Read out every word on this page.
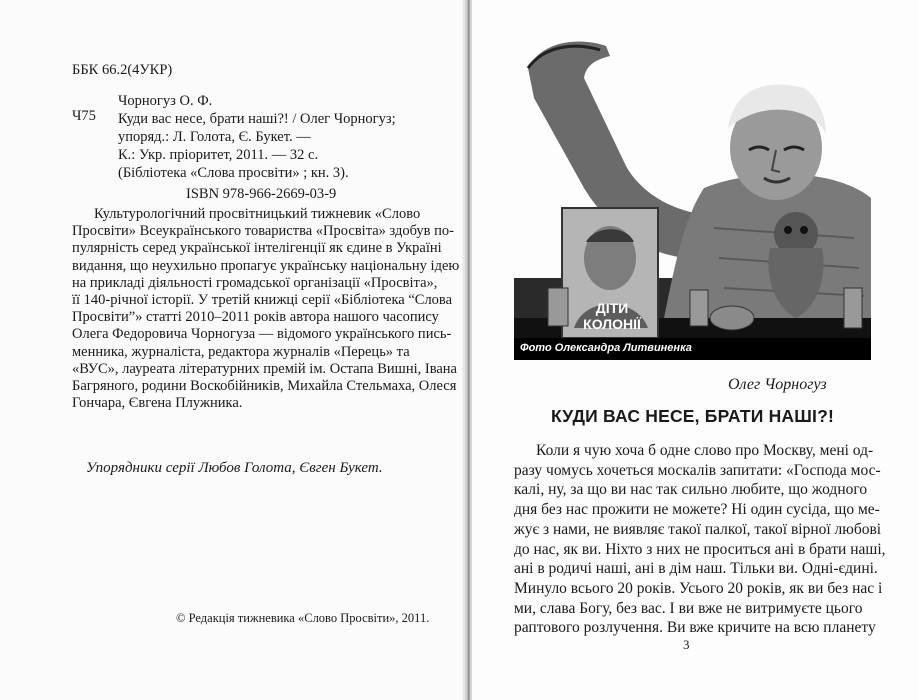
ББК 66.2(4УКР)
Ч75
Чорногуз О. Ф.
Куди вас несе, брати наші?! / Олег Чорногуз;
упоряд.: Л. Голота, Є. Букет. —
К.: Укр. пріоритет, 2011. — 32 с.
(Бібліотека «Слова просвіти» ; кн. 3).
ISBN 978-966-2669-03-9
Культурологічний просвітницький тижневик «Слово
Просвіти» Всеукраїнського товариства «Просвіта» здобув по-
пулярність серед української інтелігенції як єдине в Україні
видання, що неухильно пропагує українську національну ідею
на прикладі діяльності громадської організації «Просвіта»,
її 140-річної історії. У третій книжці серії «Бібліотека “Слова
Просвіти”» статті 2010–2011 років автора нашого часопису
Олега Федоровича Чорногуза — відомого українського пись-
менника, журналіста, редактора журналів «Перець» та
«ВУС», лауреата літературних премій ім. Остапа Вишні, Івана
Багряного, родини Воскобійників, Михайла Стельмаха, Олеся
Гончара, Євгена Плужника.
Упорядники серії Любов Голота, Євген Букет.
© Редакція тижневика «Слово Просвіти», 2011.
ДІТИ
КОЛОНІЇ
Фото Олександра Литвиненка
Олег Чорногуз
КУДИ ВАС НЕСЕ, БРАТИ НАШІ?!
Коли я чую хоча б одне слово про Москву, мені од-
разу чомусь хочеться москалів запитати: «Господа мос-
калі, ну, за що ви нас так сильно любите, що жодного
дня без нас прожити не можете? Ні один сусіда, що ме-
жує з нами, не виявляє такої палкої, такої вірної любові
до нас, як ви. Ніхто з них не проситься ані в брати наші,
ані в родичі наші, ані в дім наш. Тільки ви. Одні-єдині.
Минуло всього 20 років. Усього 20 років, як ви без нас і
ми, слава Богу, без вас. І ви вже не витримуєте цього
раптового розлучення. Ви вже кричите на всю планету
3
